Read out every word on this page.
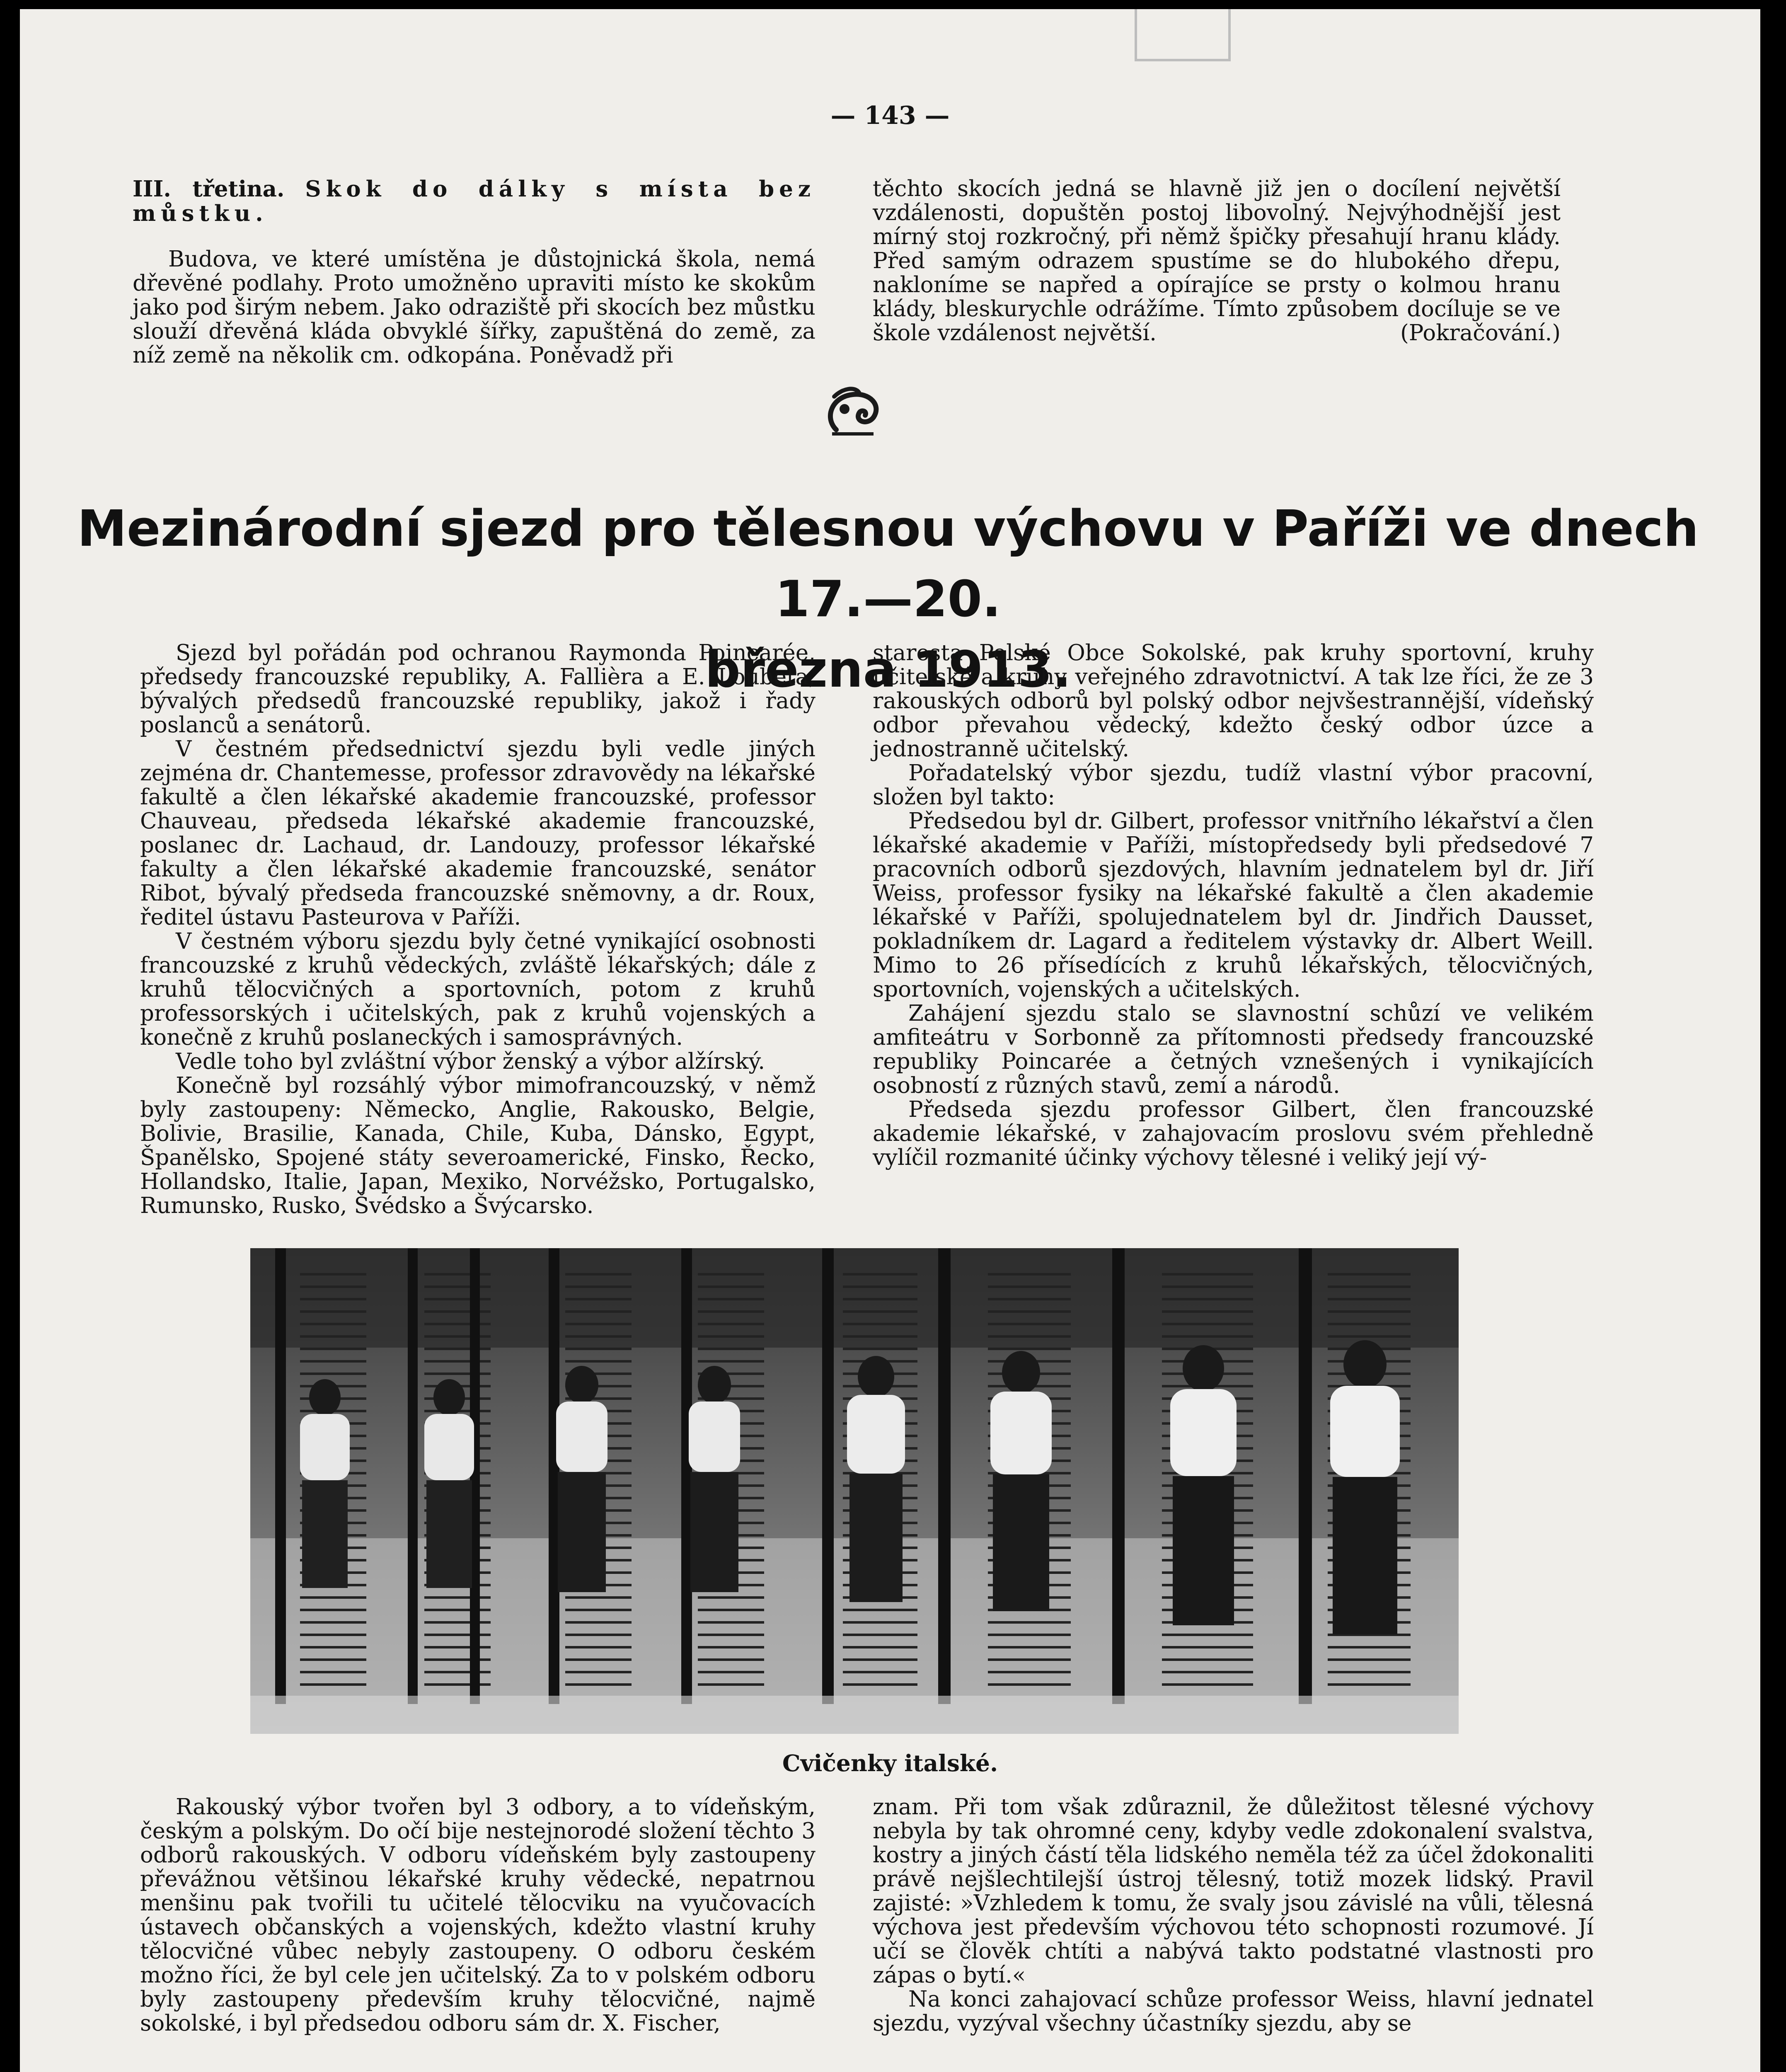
— 143 —

III. třetina. Skok do dálky s místa bez můstku.

Budova, ve které umístěna je důstojnická škola, nemá dřevěné podlahy. Proto umožněno upraviti místo ke skokům jako pod širým nebem. Jako odraziště při skocích bez můstku slouží dřevěná kláda obvyklé šířky, zapuštěná do země, za níž země na několik cm. odkopána. Poněvadž při

těchto skocích jedná se hlavně již jen o docílení největší vzdálenosti, dopuštěn postoj libovolný. Nejvýhodnější jest mírný stoj rozkročný, při němž špičky přesahují hranu klády. Před samým odrazem spustíme se do hlubokého dřepu, nakloníme se napřed a opírajíce se prsty o kolmou hranu klády, bleskurychle odrážíme. Tímto způsobem docíluje se ve škole vzdálenost největší.	(Pokračování.)

Mezinárodní sjezd pro tělesnou výchovu v Paříži ve dnech 17.—20.
března 1913.

Sjezd byl pořádán pod ochranou Raymonda Poincarée, předsedy francouzské republiky, A. Fallièra a E. Loubeta, bývalých předsedů francouzské republiky, jakož i řady poslanců a senátorů.

V čestném předsednictví sjezdu byli vedle jiných zejména dr. Chantemesse, professor zdravovědy na lékařské fakultě a člen lékařské akademie francouzské, professor Chauveau, předseda lékařské akademie francouzské, poslanec dr. Lachaud, dr. Landouzy, professor lékařské fakulty a člen lékařské akademie francouzské, senátor Ribot, bývalý předseda francouzské sněmovny, a dr. Roux, ředitel ústavu Pasteurova v Paříži.

V čestném výboru sjezdu byly četné vynikající osobnosti francouzské z kruhů vědeckých, zvláště lékařských; dále z kruhů tělocvičných a sportovních, potom z kruhů professorských i učitelských, pak z kruhů vojenských a konečně z kruhů poslaneckých i samosprávných.

Vedle toho byl zvláštní výbor ženský a výbor alžírský.

Konečně byl rozsáhlý výbor mimofrancouzský, v němž byly zastoupeny: Německo, Anglie, Rakousko, Belgie, Bolivie, Brasilie, Kanada, Chile, Kuba, Dánsko, Egypt, Španělsko, Spojené státy severoamerické, Finsko, Řecko, Hollandsko, Italie, Japan, Mexiko, Norvéžsko, Portugalsko, Rumunsko, Rusko, Švédsko a Švýcarsko.

starosta Polské Obce Sokolské, pak kruhy sportovní, kruhy učitelské a kruhy veřejného zdravotnictví. A tak lze říci, že ze 3 rakouských odborů byl polský odbor nejvšestrannější, vídeňský odbor převahou vědecký, kdežto český odbor úzce a jednostranně učitelský.

Pořadatelský výbor sjezdu, tudíž vlastní výbor pracovní, složen byl takto:

Předsedou byl dr. Gilbert, professor vnitřního lékařství a člen lékařské akademie v Paříži, místopředsedy byli předsedové 7 pracovních odborů sjezdových, hlavním jednatelem byl dr. Jiří Weiss, professor fysiky na lékařské fakultě a člen akademie lékařské v Paříži, spolujednatelem byl dr. Jindřich Dausset, pokladníkem dr. Lagard a ředitelem výstavky dr. Albert Weill. Mimo to 26 přísedících z kruhů lékařských, tělocvičných, sportovních, vojenských a učitelských.

Zahájení sjezdu stalo se slavnostní schůzí ve velikém amfiteátru v Sorbonně za přítomnosti předsedy francouzské republiky Poincarée a četných vznešených i vynikajících osobností z různých stavů, zemí a národů.

Předseda sjezdu professor Gilbert, člen francouzské akademie lékařské, v zahajovacím proslovu svém přehledně vylíčil rozmanité účinky výchovy tělesné i veliký její vý-

Cvičenky italské.

Rakouský výbor tvořen byl 3 odbory, a to vídeňským, českým a polským. Do očí bije nestejnorodé složení těchto 3 odborů rakouských. V odboru vídeňském byly zastoupeny převážnou většinou lékařské kruhy vědecké, nepatrnou menšinu pak tvořili tu učitelé tělocviku na vyučovacích ústavech občanských a vojenských, kdežto vlastní kruhy tělocvičné vůbec nebyly zastoupeny. O odboru českém možno říci, že byl cele jen učitelský. Za to v polském odboru byly zastoupeny především kruhy tělocvičné, najmě sokolské, i byl předsedou odboru sám dr. X. Fischer,

znam. Při tom však zdůraznil, že důležitost tělesné výchovy nebyla by tak ohromné ceny, kdyby vedle zdokonalení svalstva, kostry a jiných částí těla lidského neměla též za účel ždokonaliti právě nejšlechtilejší ústroj tělesný, totiž mozek lidský. Pravil zajisté: »Vzhledem k tomu, že svaly jsou závislé na vůli, tělesná výchova jest především výchovou této schopnosti rozumové. Jí učí se člověk chtíti a nabývá takto podstatné vlastnosti pro zápas o bytí.«

Na konci zahajovací schůze professor Weiss, hlavní jednatel sjezdu, vyzýval všechny účastníky sjezdu, aby se
